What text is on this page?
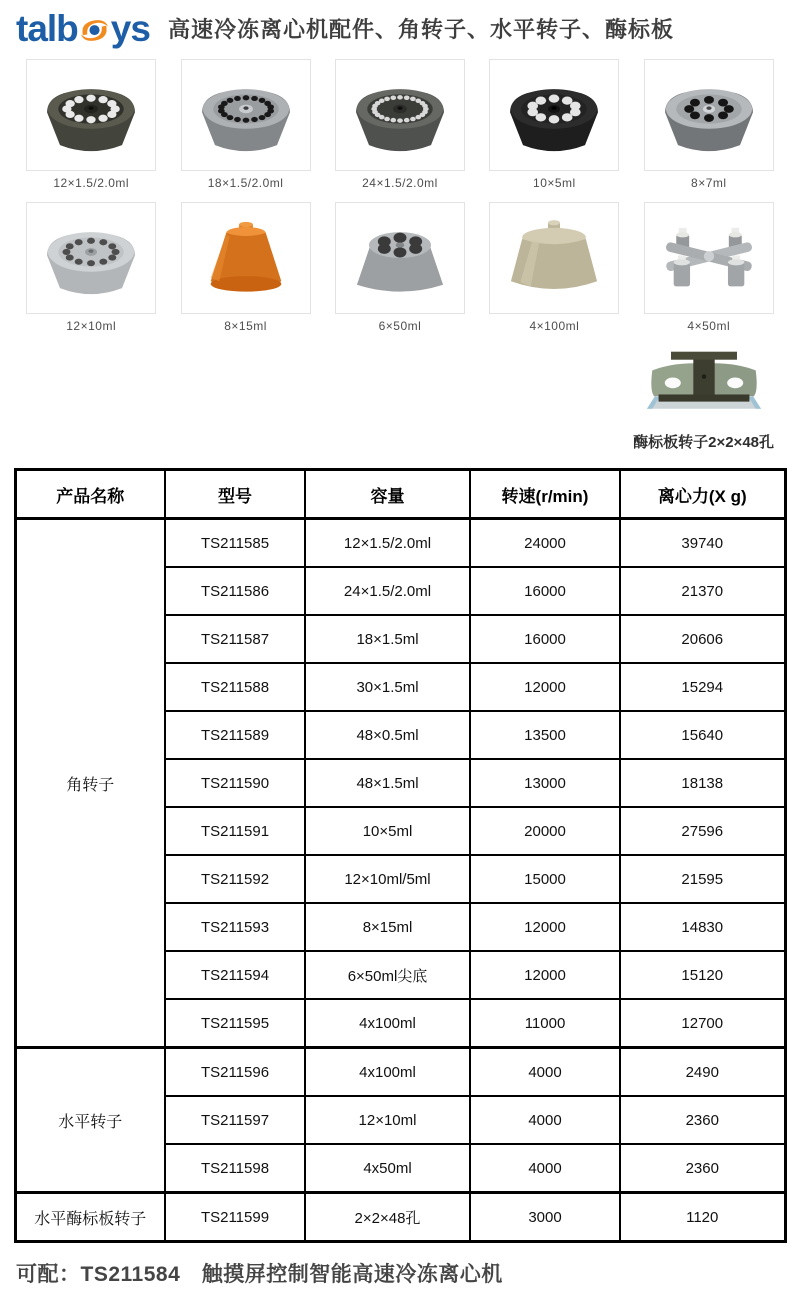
talb ys 高速冷冻离心机配件、角转子、水平转子、酶标板
12×1.5/2.0ml	18×1.5/2.0ml	24×1.5/2.0ml	10×5ml	8×7ml
12×10ml	8×15ml	6×50ml	4×100ml	4×50ml
酶标板转子2×2×48孔
产品名称	型号	容量	转速(r/min)	离心力(X g)
角转子	TS211585	12×1.5/2.0ml	24000	39740
	TS211586	24×1.5/2.0ml	16000	21370
	TS211587	18×1.5ml	16000	20606
	TS211588	30×1.5ml	12000	15294
	TS211589	48×0.5ml	13500	15640
	TS211590	48×1.5ml	13000	18138
	TS211591	10×5ml	20000	27596
	TS211592	12×10ml/5ml	15000	21595
	TS211593	8×15ml	12000	14830
	TS211594	6×50ml尖底	12000	15120
	TS211595	4x100ml	11000	12700
水平转子	TS211596	4x100ml	4000	2490
	TS211597	12×10ml	4000	2360
	TS211598	4x50ml	4000	2360
水平酶标板转子	TS211599	2×2×48孔	3000	1120
可配：TS211584　触摸屏控制智能高速冷冻离心机
